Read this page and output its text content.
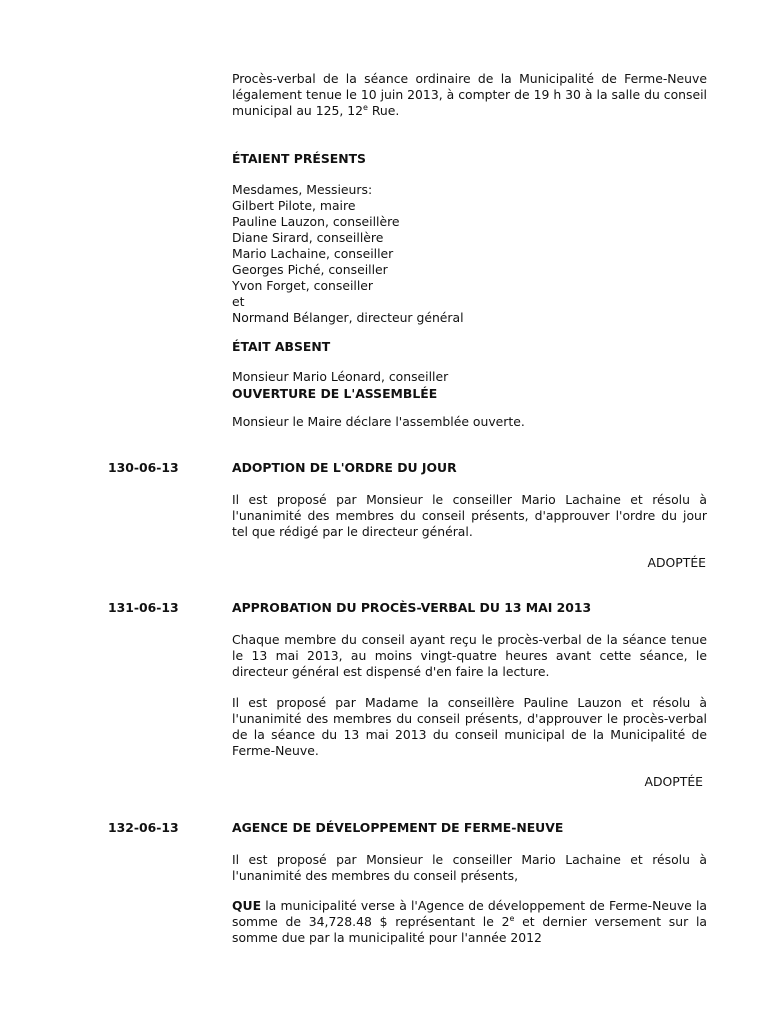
Procès-verbal de la séance ordinaire de la Municipalité de Ferme-Neuve légalement tenue le 10 juin 2013, à compter de 19 h 30 à la salle du conseil municipal au 125, 12e Rue.

ÉTAIENT PRÉSENTS
Mesdames, Messieurs:
Gilbert Pilote, maire
Pauline Lauzon, conseillère
Diane Sirard, conseillère
Mario Lachaine, conseiller
Georges Piché, conseiller
Yvon Forget, conseiller
et
Normand Bélanger, directeur général
ÉTAIT ABSENT
Monsieur Mario Léonard, conseiller
OUVERTURE DE L'ASSEMBLÉE
Monsieur le Maire déclare l'assemblée ouverte.
130-06-13	ADOPTION DE L'ORDRE DU JOUR

Il est proposé par Monsieur le conseiller Mario Lachaine et résolu à l'unanimité des membres du conseil présents, d'approuver l'ordre du jour tel que rédigé par le directeur général.

ADOPTÉE
131-06-13	APPROBATION DU PROCÈS-VERBAL DU 13 MAI 2013

Chaque membre du conseil ayant reçu le procès-verbal de la séance tenue le 13 mai 2013, au moins vingt-quatre heures avant cette séance, le directeur général est dispensé d'en faire la lecture.

Il est proposé par Madame la conseillère Pauline Lauzon et résolu à l'unanimité des membres du conseil présents, d'approuver le procès-verbal de la séance du 13 mai 2013 du conseil municipal de la Municipalité de Ferme-Neuve.

ADOPTÉE
132-06-13	AGENCE DE DÉVELOPPEMENT DE FERME-NEUVE

Il est proposé par Monsieur le conseiller Mario Lachaine et résolu à l'unanimité des membres du conseil présents,

QUE la municipalité verse à l'Agence de développement de Ferme-Neuve la somme de 34,728.48 $ représentant le 2e et dernier versement sur la somme due par la municipalité pour l'année 2012
